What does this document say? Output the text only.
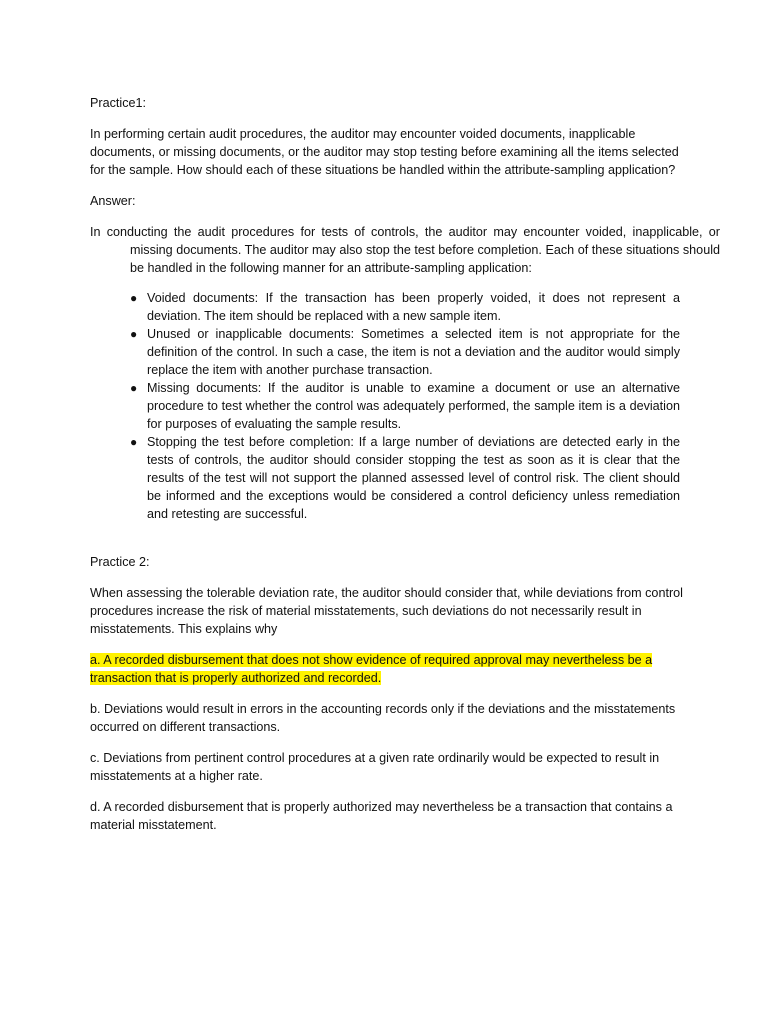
Practice1:

In performing certain audit procedures, the auditor may encounter voided documents, inapplicable documents, or missing documents, or the auditor may stop testing before examining all the items selected for the sample. How should each of these situations be handled within the attribute-sampling application?

Answer:

In conducting the audit procedures for tests of controls, the auditor may encounter voided, inapplicable, or missing documents. The auditor may also stop the test before completion. Each of these situations should be handled in the following manner for an attribute-sampling application:

● Voided documents: If the transaction has been properly voided, it does not represent a deviation. The item should be replaced with a new sample item.
● Unused or inapplicable documents: Sometimes a selected item is not appropriate for the definition of the control. In such a case, the item is not a deviation and the auditor would simply replace the item with another purchase transaction.
● Missing documents: If the auditor is unable to examine a document or use an alternative procedure to test whether the control was adequately performed, the sample item is a deviation for purposes of evaluating the sample results.
● Stopping the test before completion: If a large number of deviations are detected early in the tests of controls, the auditor should consider stopping the test as soon as it is clear that the results of the test will not support the planned assessed level of control risk. The client should be informed and the exceptions would be considered a control deficiency unless remediation and retesting are successful.

Practice 2:

When assessing the tolerable deviation rate, the auditor should consider that, while deviations from control procedures increase the risk of material misstatements, such deviations do not necessarily result in misstatements. This explains why

a. A recorded disbursement that does not show evidence of required approval may nevertheless be a transaction that is properly authorized and recorded.

b. Deviations would result in errors in the accounting records only if the deviations and the misstatements occurred on different transactions.

c. Deviations from pertinent control procedures at a given rate ordinarily would be expected to result in misstatements at a higher rate.

d. A recorded disbursement that is properly authorized may nevertheless be a transaction that contains a material misstatement.
